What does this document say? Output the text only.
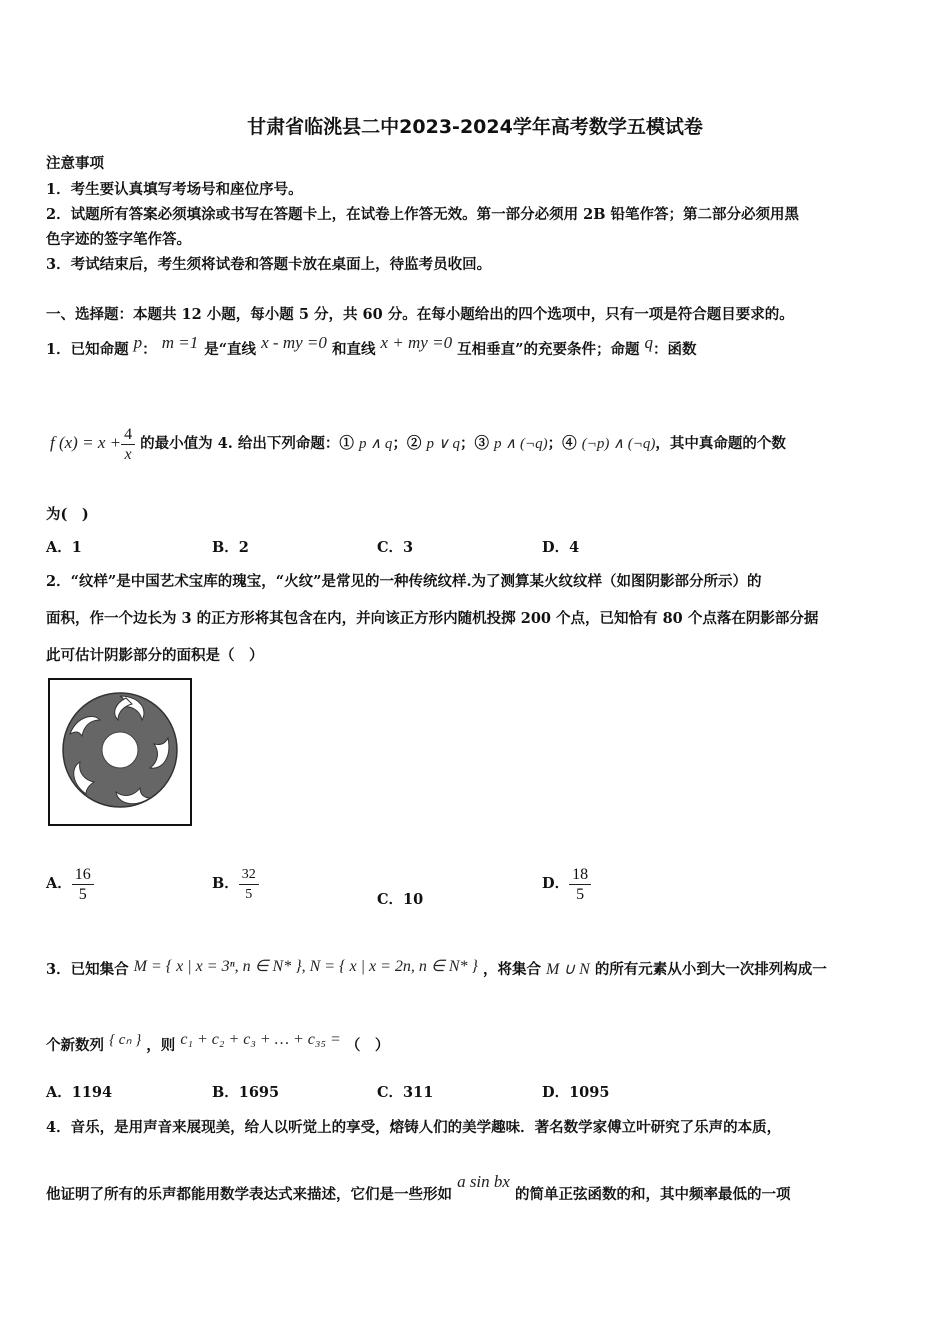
甘肃省临洮县二中2023-2024学年高考数学五模试卷
注意事项
1．考生要认真填写考场号和座位序号。
2．试题所有答案必须填涂或书写在答题卡上，在试卷上作答无效。第一部分必须用 2B 铅笔作答；第二部分必须用黑
色字迹的签字笔作答。
3．考试结束后，考生须将试卷和答题卡放在桌面上，待监考员收回。
一、选择题：本题共 12 小题，每小题 5 分，共 60 分。在每小题给出的四个选项中，只有一项是符合题目要求的。
1．已知命题 p： m =1 是“直线 x - my =0 和直线 x + my =0 互相垂直”的充要条件；命题 q：函数
f $(x) = x + \frac{4}{x}$ 的最小值为 4. 给出下列命题：① p ∧ q；② p ∨ q；③ p ∧ (¬q)；④ (¬p) ∧ (¬q)，其中真命题的个数
为(　)
A．1	B．2	C．3	D．4
2．“纹样”是中国艺术宝库的瑰宝，“火纹”是常见的一种传统纹样.为了测算某火纹纹样（如图阴影部分所示）的
面积，作一个边长为 3 的正方形将其包含在内，并向该正方形内随机投掷 200 个点，已知恰有 80 个点落在阴影部分据
此可估计阴影部分的面积是（　）
A． $\frac{16}{5}$	B． $\frac{32}{5}$	C．10
D． $\frac{18}{5}$
3．已知集合 M = { x | x = 3ⁿ, n ∈ N* }, N = { x | x = 2n, n ∈ N* } ，将集合 M ∪ N 的所有元素从小到大一次排列构成一
个新数列 { cₙ } ，则 c₁ + c₂ + c₃ + … + c₃₅ = （　）
A．1194	B．1695	C．311	D．1095
4．音乐，是用声音来展现美，给人以听觉上的享受，熔铸人们的美学趣味．著名数学家傅立叶研究了乐声的本质，
他证明了所有的乐声都能用数学表达式来描述，它们是一些形如 a sin bx 的简单正弦函数的和，其中频率最低的一项
